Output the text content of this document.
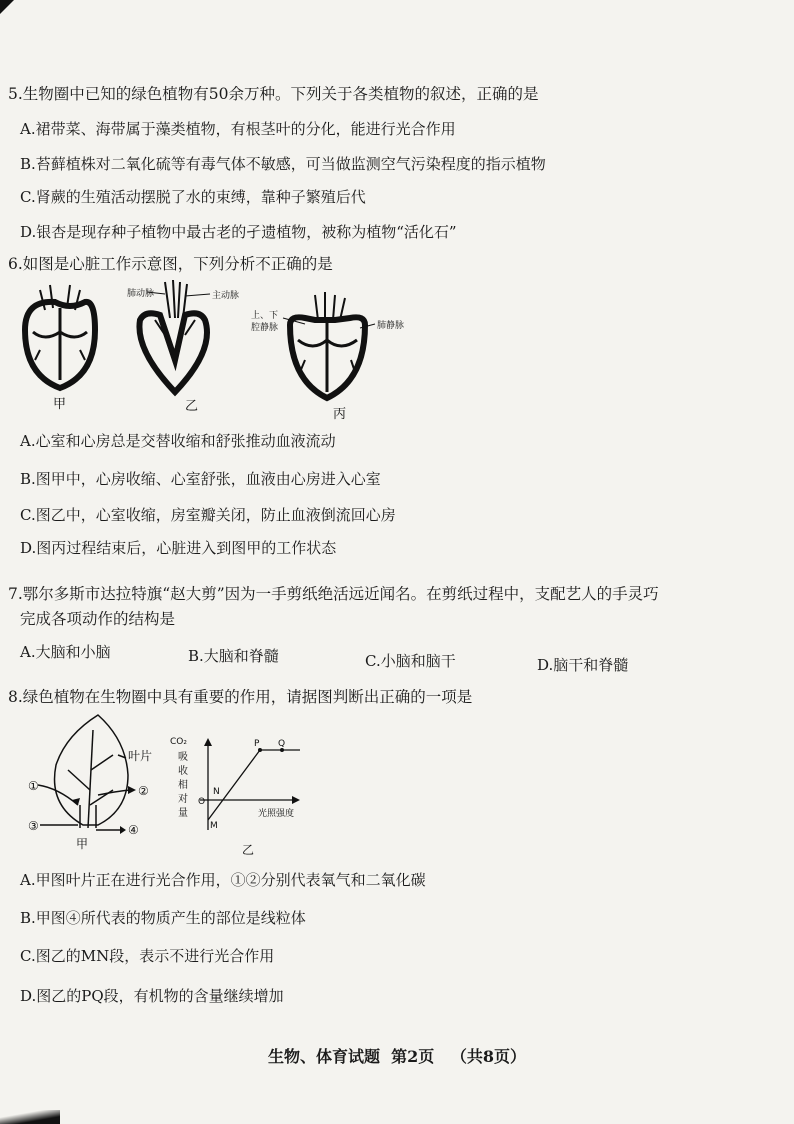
5.生物圈中已知的绿色植物有50余万种。下列关于各类植物的叙述，正确的是
A.裙带菜、海带属于藻类植物，有根茎叶的分化，能进行光合作用
B.苔藓植株对二氧化硫等有毒气体不敏感，可当做监测空气污染程度的指示植物
C.肾蕨的生殖活动摆脱了水的束缚，靠种子繁殖后代
D.银杏是现存种子植物中最古老的孑遗植物，被称为植物“活化石”
6.如图是心脏工作示意图，下列分析不正确的是
肺动脉	主动脉
上、下
腔静脉	肺静脉
甲	乙
丙
A.心室和心房总是交替收缩和舒张推动血液流动
B.图甲中，心房收缩、心室舒张，血液由心房进入心室
C.图乙中，心室收缩，房室瓣关闭，防止血液倒流回心房
D.图丙过程结束后，心脏进入到图甲的工作状态
7.鄂尔多斯市达拉特旗“赵大剪”因为一手剪纸绝活远近闻名。在剪纸过程中，支配艺人的手灵巧
完成各项动作的结构是
A.大脑和小脑	B.大脑和脊髓	C.小脑和脑干	D.脑干和脊髓
8.绿色植物在生物圈中具有重要的作用，请据图判断出正确的一项是
叶片
①	②
③	④
甲
CO₂	P Q
N
O
M
光照强度
吸
收
相
对
量
乙
A.甲图叶片正在进行光合作用，①②分别代表氧气和二氧化碳
B.甲图④所代表的物质产生的部位是线粒体
C.图乙的MN段，表示不进行光合作用
D.图乙的PQ段，有机物的含量继续增加
生物、体育试题  第2页   （共8页）
